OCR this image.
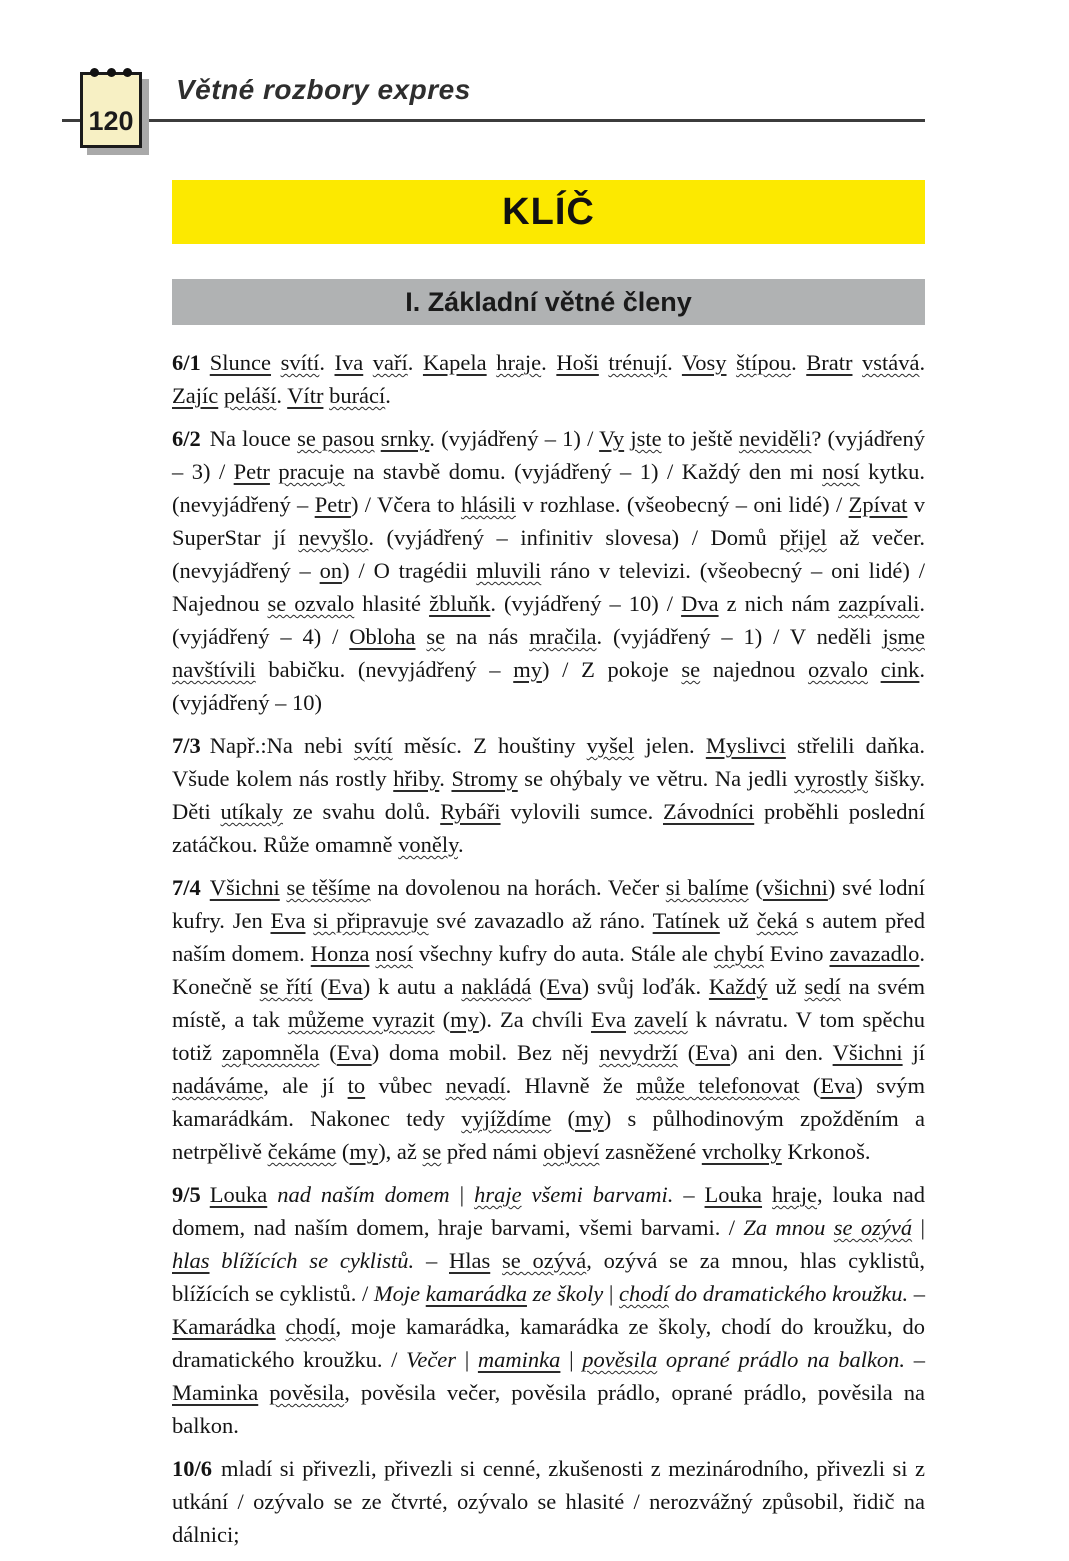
120
Větné rozbory expres
KLÍČ
I. Základní větné členy

6/1 Slunce svítí. Iva vaří. Kapela hraje. Hoši trénují. Vosy štípou. Bratr vstává. Zajíc peláší. Vítr burácí.

6/2 Na louce se pasou srnky. (vyjádřený – 1) / Vy jste to ještě neviděli? (vyjádřený – 3) / Petr pracuje na stavbě domu. (vyjádřený – 1) / Každý den mi nosí kytku. (nevyjádřený – Petr) / Včera to hlásili v rozhlase. (všeobecný – oni lidé) / Zpívat v SuperStar jí nevyšlo. (vyjádřený – infinitiv slovesa) / Domů přijel až večer. (nevyjádřený – on) / O tragédii mluvili ráno v televizi. (všeobecný – oni lidé) / Najednou se ozvalo hlasité žbluňk. (vyjádřený – 10) / Dva z nich nám zazpívali. (vyjádřený – 4) / Obloha se na nás mračila. (vyjádřený – 1) / V neděli jsme navštívili babičku. (nevyjádřený – my) / Z pokoje se najednou ozvalo cink. (vyjádřený – 10)

7/3 Např.:Na nebi svítí měsíc. Z houštiny vyšel jelen. Myslivci střelili daňka. Všude kolem nás rostly hřiby. Stromy se ohýbaly ve větru. Na jedli vyrostly šišky. Děti utíkaly ze svahu dolů. Rybáři vylovili sumce. Závodníci proběhli poslední zatáčkou. Růže omamně voněly.

7/4 Všichni se těšíme na dovolenou na horách. Večer si balíme (všichni) své lodní kufry. Jen Eva si připravuje své zavazadlo až ráno. Tatínek už čeká s autem před naším domem. Honza nosí všechny kufry do auta. Stále ale chybí Evino zavazadlo. Konečně se řítí (Eva) k autu a nakládá (Eva) svůj loďák. Každý už sedí na svém místě, a tak můžeme vyrazit (my). Za chvíli Eva zavelí k návratu. V tom spěchu totiž zapomněla (Eva) doma mobil. Bez něj nevydrží (Eva) ani den. Všichni jí nadáváme, ale jí to vůbec nevadí. Hlavně že může telefonovat (Eva) svým kamarádkám. Nakonec tedy vyjíždíme (my) s půlhodinovým zpožděním a netrpělivě čekáme (my), až se před námi objeví zasněžené vrcholky Krkonoš.

9/5 Louka nad naším domem | hraje všemi barvami. – Louka hraje, louka nad domem, nad naším domem, hraje barvami, všemi barvami. / Za mnou se ozývá | hlas blížících se cyklistů. – Hlas se ozývá, ozývá se za mnou, hlas cyklistů, blížících se cyklistů. / Moje kamarádka ze školy | chodí do dramatického kroužku. – Kamarádka chodí, moje kamarádka, kamarádka ze školy, chodí do kroužku, do dramatického kroužku. / Večer | maminka | pověsila oprané prádlo na balkon. – Maminka pověsila, pověsila večer, pověsila prádlo, oprané prádlo, pověsila na balkon.

10/6 mladí si přivezli, přivezli si cenné, zkušenosti z mezinárodního, přivezli si z utkání / ozývalo se ze čtvrté, ozývalo se hlasité / nerozvážný způsobil, řidič na dálnici;
